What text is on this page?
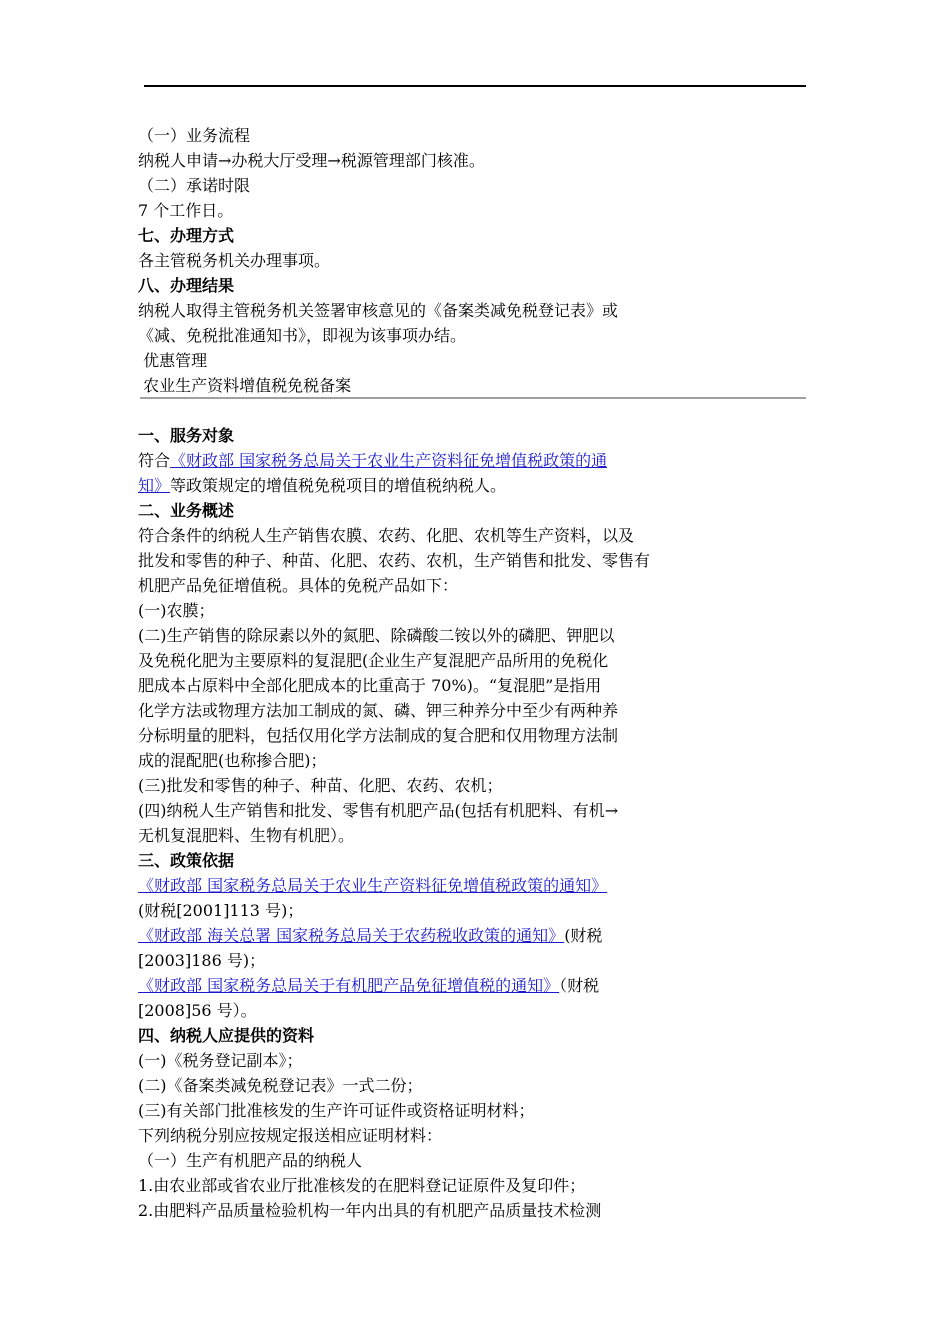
（一）业务流程
纳税人申请→办税大厅受理→税源管理部门核准。
（二）承诺时限
7 个工作日。
七、办理方式
各主管税务机关办理事项。
八、办理结果
纳税人取得主管税务机关签署审核意见的《备案类减免税登记表》或
《减、免税批准通知书》，即视为该事项办结。
优惠管理
农业生产资料增值税免税备案
一、服务对象
符合《财政部 国家税务总局关于农业生产资料征免增值税政策的通
知》等政策规定的增值税免税项目的增值税纳税人。
二、业务概述
符合条件的纳税人生产销售农膜、农药、化肥、农机等生产资料，以及
批发和零售的种子、种苗、化肥、农药、农机，生产销售和批发、零售有
机肥产品免征增值税。具体的免税产品如下：
(一)农膜；
(二)生产销售的除尿素以外的氮肥、除磷酸二铵以外的磷肥、钾肥以
及免税化肥为主要原料的复混肥(企业生产复混肥产品所用的免税化
肥成本占原料中全部化肥成本的比重高于 70%)。“复混肥”是指用
化学方法或物理方法加工制成的氮、磷、钾三种养分中至少有两种养
分标明量的肥料，包括仅用化学方法制成的复合肥和仅用物理方法制
成的混配肥(也称掺合肥)；
(三)批发和零售的种子、种苗、化肥、农药、农机；
(四)纳税人生产销售和批发、零售有机肥产品(包括有机肥料、有机→
无机复混肥料、生物有机肥）。
三、政策依据
《财政部 国家税务总局关于农业生产资料征免增值税政策的通知》
(财税[2001]113 号)；
《财政部 海关总署 国家税务总局关于农药税收政策的通知》(财税
[2003]186 号)；
《财政部 国家税务总局关于有机肥产品免征增值税的通知》（财税
[2008]56 号）。
四、纳税人应提供的资料
(一)《税务登记副本》；
(二)《备案类减免税登记表》一式二份；
(三)有关部门批准核发的生产许可证件或资格证明材料；
下列纳税分别应按规定报送相应证明材料：
（一）生产有机肥产品的纳税人
1.由农业部或省农业厅批准核发的在肥料登记证原件及复印件；
2.由肥料产品质量检验机构一年内出具的有机肥产品质量技术检测
